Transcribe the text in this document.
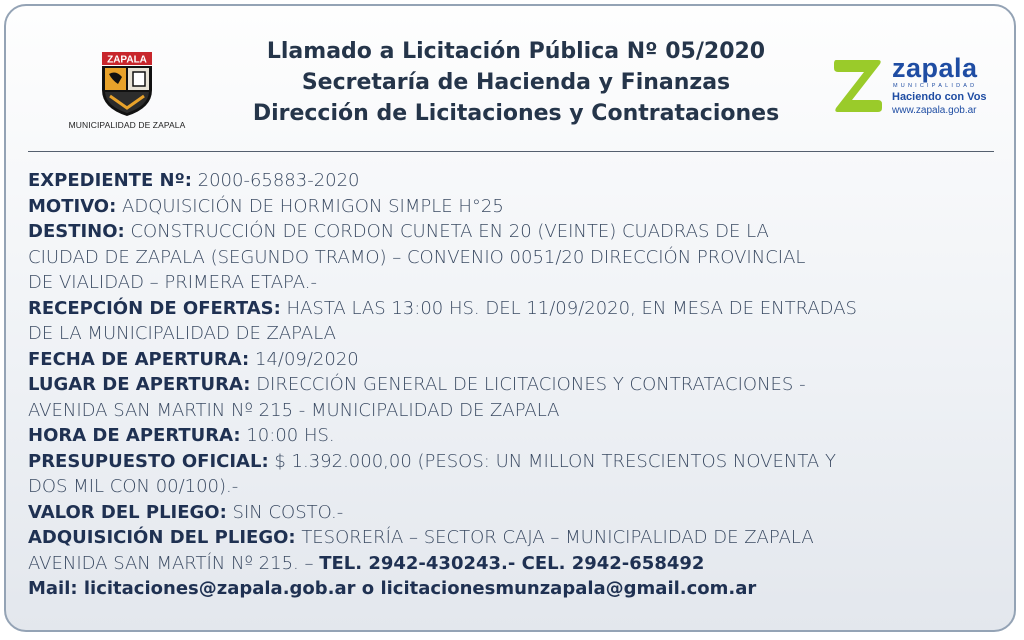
ZAPALA
MUNICIPALIDAD DE ZAPALA
Llamado a Licitación Pública Nº 05/2020
Secretaría de Hacienda y Finanzas
Dirección de Licitaciones y Contrataciones
zapala
MUNICIPALIDAD
Haciendo con Vos
www.zapala.gob.ar
EXPEDIENTE Nº: 2000-65883-2020
MOTIVO: ADQUISICIÓN DE HORMIGON SIMPLE H°25
DESTINO: CONSTRUCCIÓN DE CORDON CUNETA EN 20 (VEINTE) CUADRAS DE LA
CIUDAD DE ZAPALA (SEGUNDO TRAMO) – CONVENIO 0051/20 DIRECCIÓN PROVINCIAL
DE VIALIDAD – PRIMERA ETAPA.-
RECEPCIÓN DE OFERTAS: HASTA LAS 13:00 HS. DEL 11/09/2020, EN MESA DE ENTRADAS
DE LA MUNICIPALIDAD DE ZAPALA
FECHA DE APERTURA: 14/09/2020
LUGAR DE APERTURA: DIRECCIÓN GENERAL DE LICITACIONES Y CONTRATACIONES -
AVENIDA SAN MARTIN Nº 215 - MUNICIPALIDAD DE ZAPALA
HORA DE APERTURA: 10:00 HS.
PRESUPUESTO OFICIAL: $ 1.392.000,00 (PESOS: UN MILLON TRESCIENTOS NOVENTA Y
DOS MIL CON 00/100).-
VALOR DEL PLIEGO: SIN COSTO.-
ADQUISICIÓN DEL PLIEGO: TESORERÍA – SECTOR CAJA – MUNICIPALIDAD DE ZAPALA
AVENIDA SAN MARTÍN Nº 215. – TEL. 2942-430243.- CEL. 2942-658492
Mail: licitaciones@zapala.gob.ar o licitacionesmunzapala@gmail.com.ar
